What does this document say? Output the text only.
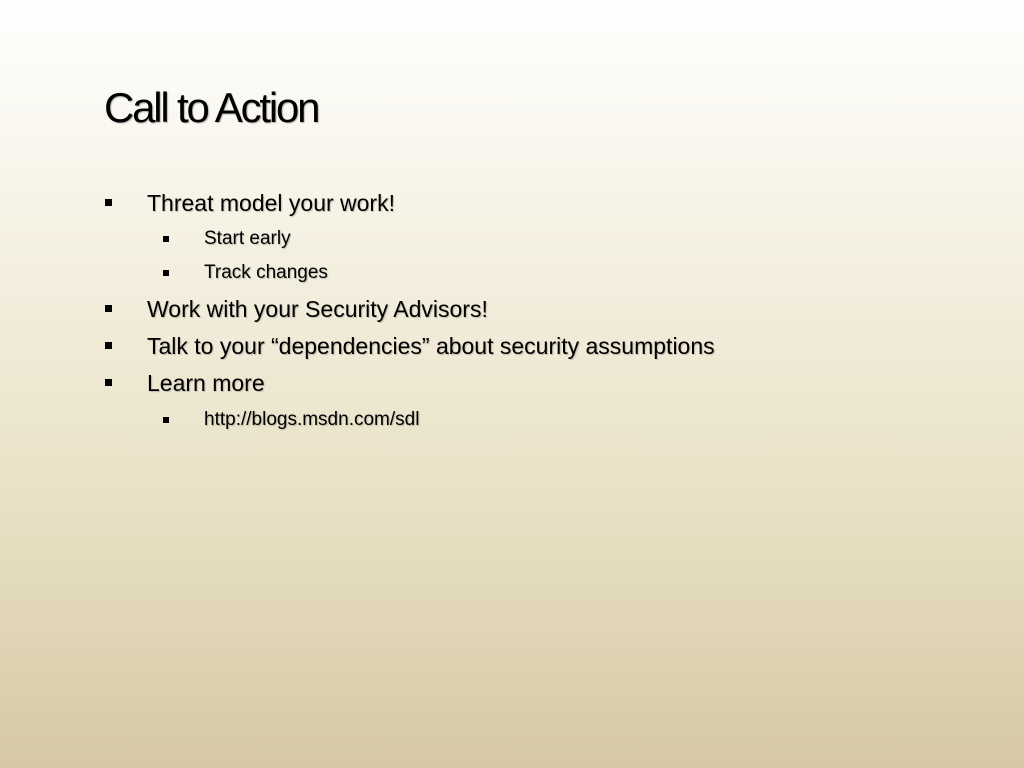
Call to Action
Threat model your work!
Start early
Track changes
Work with your Security Advisors!
Talk to your “dependencies” about security assumptions
Learn more
http://blogs.msdn.com/sdl
